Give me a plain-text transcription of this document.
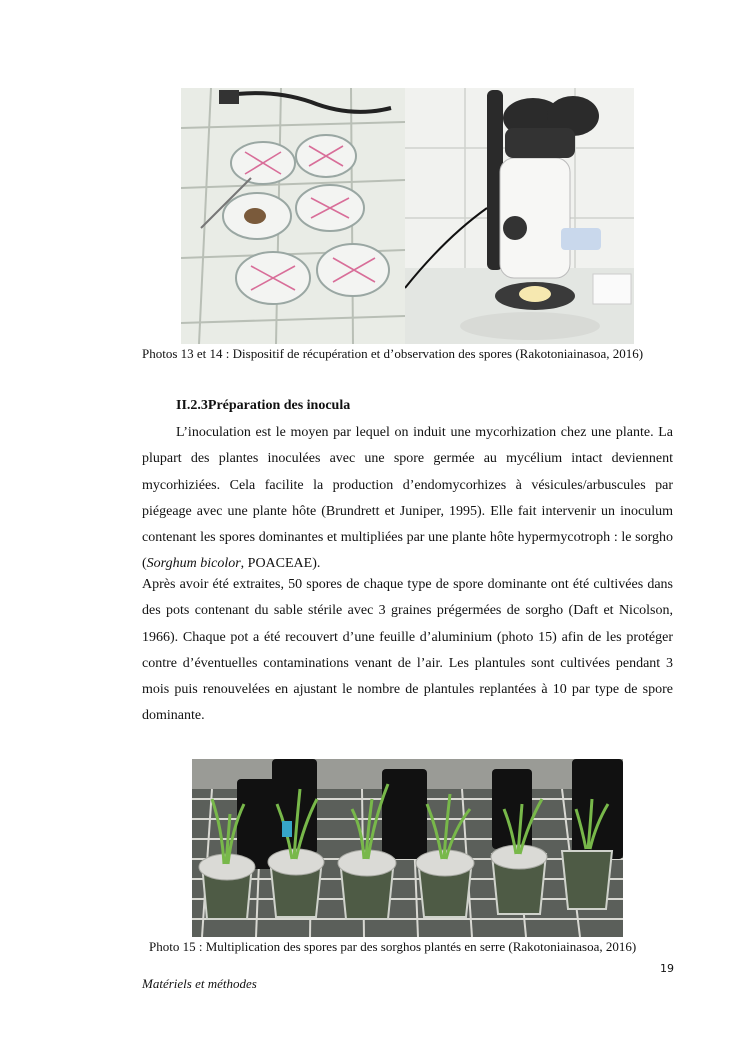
Photos 13 et 14 : Dispositif de récupération et d’observation des spores (Rakotoniainasoa, 2016)
II.2.3Préparation des inocula

L’inoculation est le moyen par lequel on induit une mycorhization chez une plante. La plupart des plantes inoculées avec une spore germée au mycélium intact deviennent mycorhiziées. Cela facilite la production d’endomycorhizes à vésicules/arbuscules par piégeage avec une plante hôte (Brundrett et Juniper, 1995). Elle fait intervenir un inoculum contenant les spores dominantes et multipliées par une plante hôte hypermycotroph : le sorgho (Sorghum bicolor, POACEAE).

Après avoir été extraites, 50 spores de chaque type de spore dominante ont été cultivées dans des pots contenant du sable stérile avec 3 graines prégermées de sorgho (Daft et Nicolson, 1966). Chaque pot a été recouvert d’une feuille d’aluminium (photo 15) afin de les protéger contre d’éventuelles contaminations venant de l’air. Les plantules sont cultivées pendant 3 mois puis renouvelées en ajustant le nombre de plantules replantées à 10 par type de spore dominante.

Photo 15 : Multiplication des spores par des sorghos plantés en serre (Rakotoniainasoa, 2016)
19
Matériels et méthodes
